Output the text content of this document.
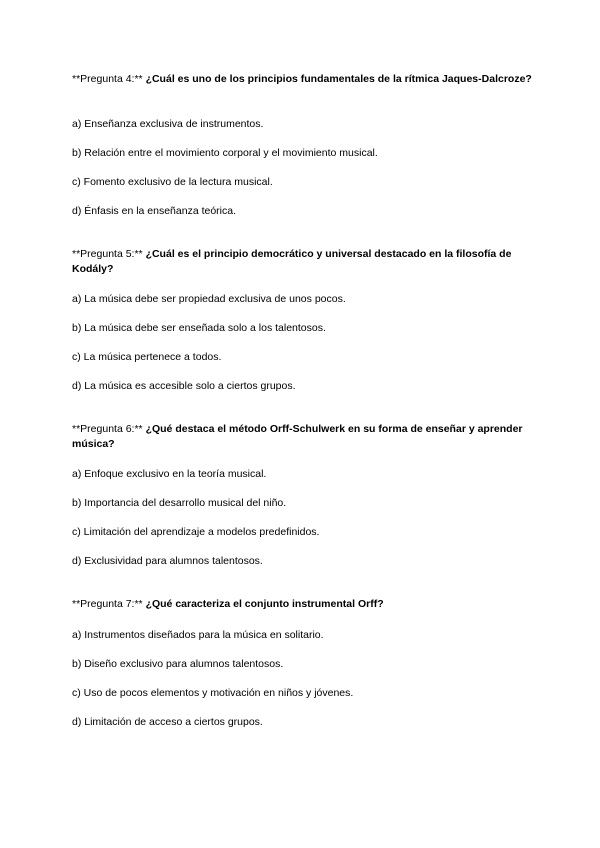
**Pregunta 4:** ¿Cuál es uno de los principios fundamentales de la rítmica Jaques-Dalcroze?

a) Enseñanza exclusiva de instrumentos.

b) Relación entre el movimiento corporal y el movimiento musical.

c) Fomento exclusivo de la lectura musical.

d) Énfasis en la enseñanza teórica.

**Pregunta 5:** ¿Cuál es el principio democrático y universal destacado en la filosofía de Kodály?

a) La música debe ser propiedad exclusiva de unos pocos.

b) La música debe ser enseñada solo a los talentosos.

c) La música pertenece a todos.

d) La música es accesible solo a ciertos grupos.

**Pregunta 6:** ¿Qué destaca el método Orff-Schulwerk en su forma de enseñar y aprender música?

a) Enfoque exclusivo en la teoría musical.

b) Importancia del desarrollo musical del niño.

c) Limitación del aprendizaje a modelos predefinidos.

d) Exclusividad para alumnos talentosos.

**Pregunta 7:** ¿Qué caracteriza el conjunto instrumental Orff?

a) Instrumentos diseñados para la música en solitario.

b) Diseño exclusivo para alumnos talentosos.

c) Uso de pocos elementos y motivación en niños y jóvenes.

d) Limitación de acceso a ciertos grupos.
